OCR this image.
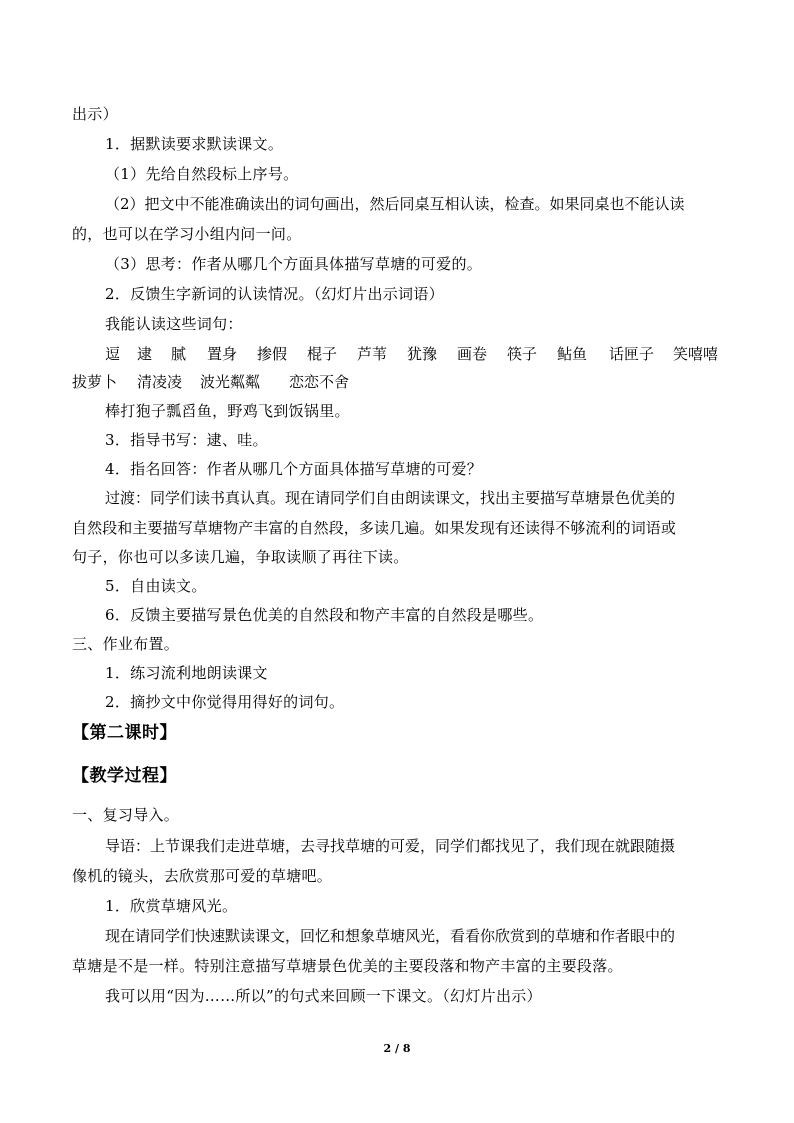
出示）
1．据默读要求默读课文。
（1）先给自然段标上序号。
（2）把文中不能准确读出的词句画出，然后同桌互相认读，检查。如果同桌也不能认读
的，也可以在学习小组内问一问。
（3）思考：作者从哪几个方面具体描写草塘的可爱的。
2．反馈生字新词的认读情况。（幻灯片出示词语）
我能认读这些词句：
逗 逮 腻 置身 掺假 棍子 芦苇 犹豫 画卷 筷子 鲇鱼 话匣子 笑嘻嘻
拔萝卜 清凌凌 波光粼粼 恋恋不舍
棒打狍子瓢舀鱼，野鸡飞到饭锅里。
3．指导书写：逮、哇。
4．指名回答：作者从哪几个方面具体描写草塘的可爱？
过渡：同学们读书真认真。现在请同学们自由朗读课文，找出主要描写草塘景色优美的
自然段和主要描写草塘物产丰富的自然段，多读几遍。如果发现有还读得不够流利的词语或
句子，你也可以多读几遍，争取读顺了再往下读。
5．自由读文。
6．反馈主要描写景色优美的自然段和物产丰富的自然段是哪些。
三、作业布置。
1．练习流利地朗读课文
2．摘抄文中你觉得用得好的词句。
【第二课时】
【教学过程】
一、复习导入。
导语：上节课我们走进草塘，去寻找草塘的可爱，同学们都找见了，我们现在就跟随摄
像机的镜头，去欣赏那可爱的草塘吧。
1．欣赏草塘风光。
现在请同学们快速默读课文，回忆和想象草塘风光，看看你欣赏到的草塘和作者眼中的
草塘是不是一样。特别注意描写草塘景色优美的主要段落和物产丰富的主要段落。
我可以用“因为……所以”的句式来回顾一下课文。（幻灯片出示）
2 / 8
